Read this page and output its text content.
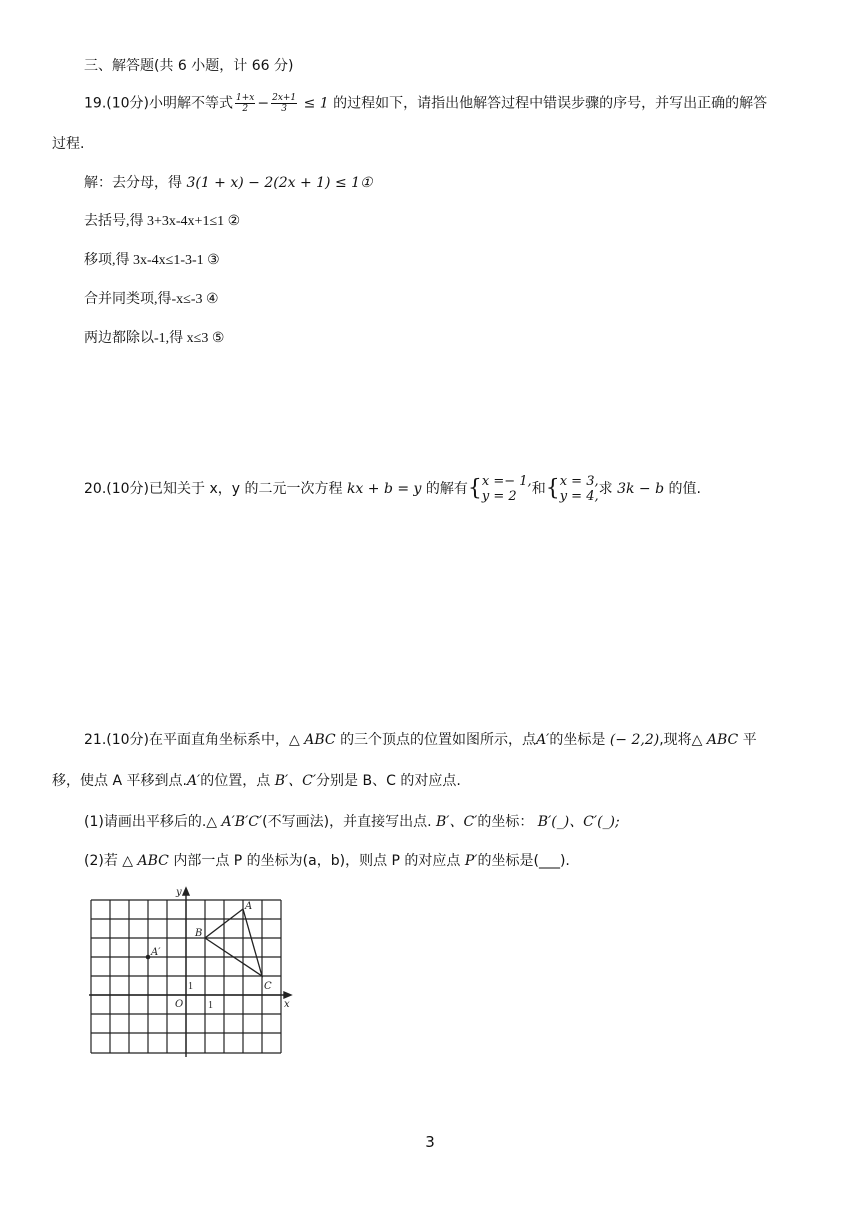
三、解答题(共 6 小题，计 66 分)
19.(10分)小明解不等式 $\frac{1+x}{2} - \frac{2x+1}{3} \le 1$ 的过程如下，请指出他解答过程中错误步骤的序号，并写出正确的解答
过程.
解：去分母，得 3(1 + x) − 2(2x + 1) ≤ 1①
去括号,得 3+3x-4x+1≤1 ②
移项,得 3x-4x≤1-3-1 ③
合并同类项,得-x≤-3 ④
两边都除以-1,得 x≤3 ⑤
20.(10分)已知关于 x，y 的二元一次方程 kx + b = y 的解有{ x =− 1,
y = 2	和{ x = 3,
y = 4, 求 3k − b 的值.
21.(10分)在平面直角坐标系中，△ ABC 的三个顶点的位置如图所示，点A′的坐标是 (− 2,2),现将△ ABC 平
移，使点 A 平移到点.A′的位置，点 B′、C′分别是 B、C 的对应点.
(1)请画出平移后的.△ A′B′C′(不写画法)，并直接写出点. B′、C′的坐标： B′(_)、C′(_);
(2)若 △ ABC 内部一点 P 的坐标为(a，b)，则点 P 的对应点 P′的坐标是(___).
y
x
O
A
B
C
A′
1
1
3
